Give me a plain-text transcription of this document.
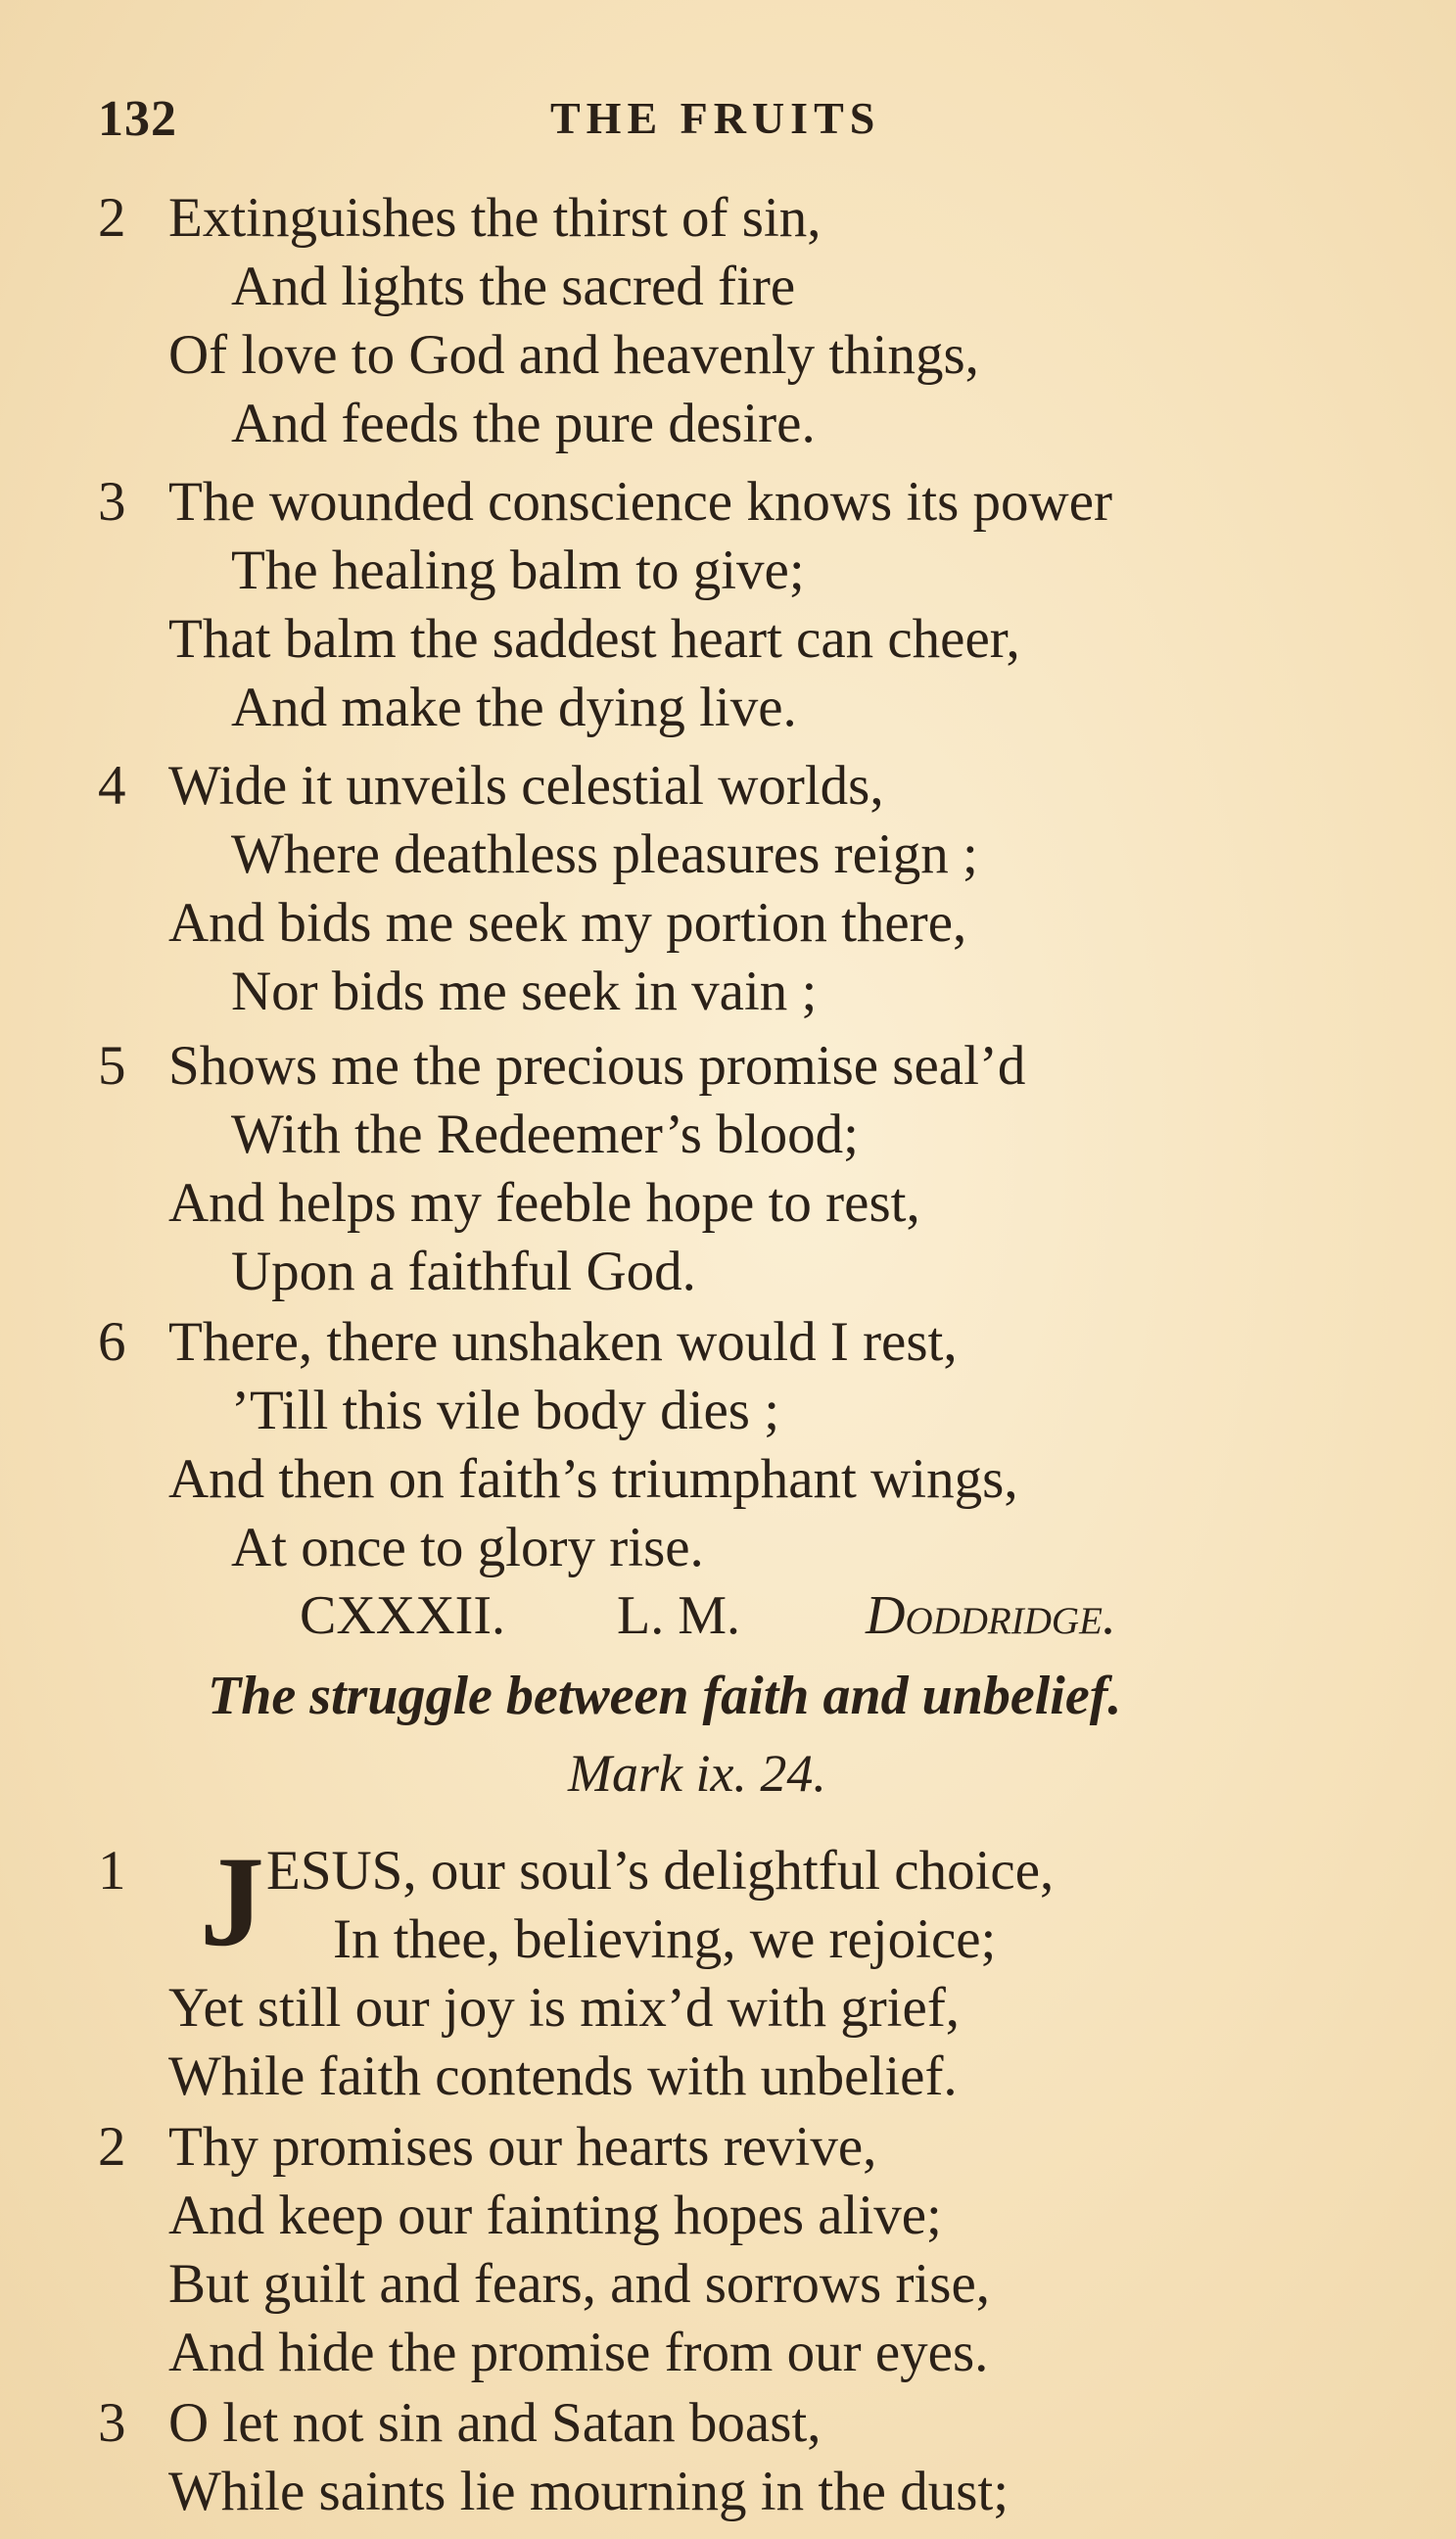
132	THE FRUITS
2 Extinguishes the thirst of sin,
And lights the sacred fire
Of love to God and heavenly things,
And feeds the pure desire.
3 The wounded conscience knows its power
The healing balm to give;
That balm the saddest heart can cheer,
And make the dying live.
4 Wide it unveils celestial worlds,
Where deathless pleasures reign ;
And bids me seek my portion there,
Nor bids me seek in vain ;
5 Shows me the precious promise seal’d
With the Redeemer’s blood;
And helps my feeble hope to rest,
Upon a faithful God.
6 There, there unshaken would I rest,
’Till this vile body dies ;
And then on faith’s triumphant wings,
At once to glory rise.
CXXXII. L. M. Doddridge.
The struggle between faith and unbelief.
Mark ix. 24.
J
1	ESUS, our soul’s delightful choice,
In thee, believing, we rejoice;
Yet still our joy is mix’d with grief,
While faith contends with unbelief.
2 Thy promises our hearts revive,
And keep our fainting hopes alive;
But guilt and fears, and sorrows rise,
And hide the promise from our eyes.
3 O let not sin and Satan boast,
While saints lie mourning in the dust;
